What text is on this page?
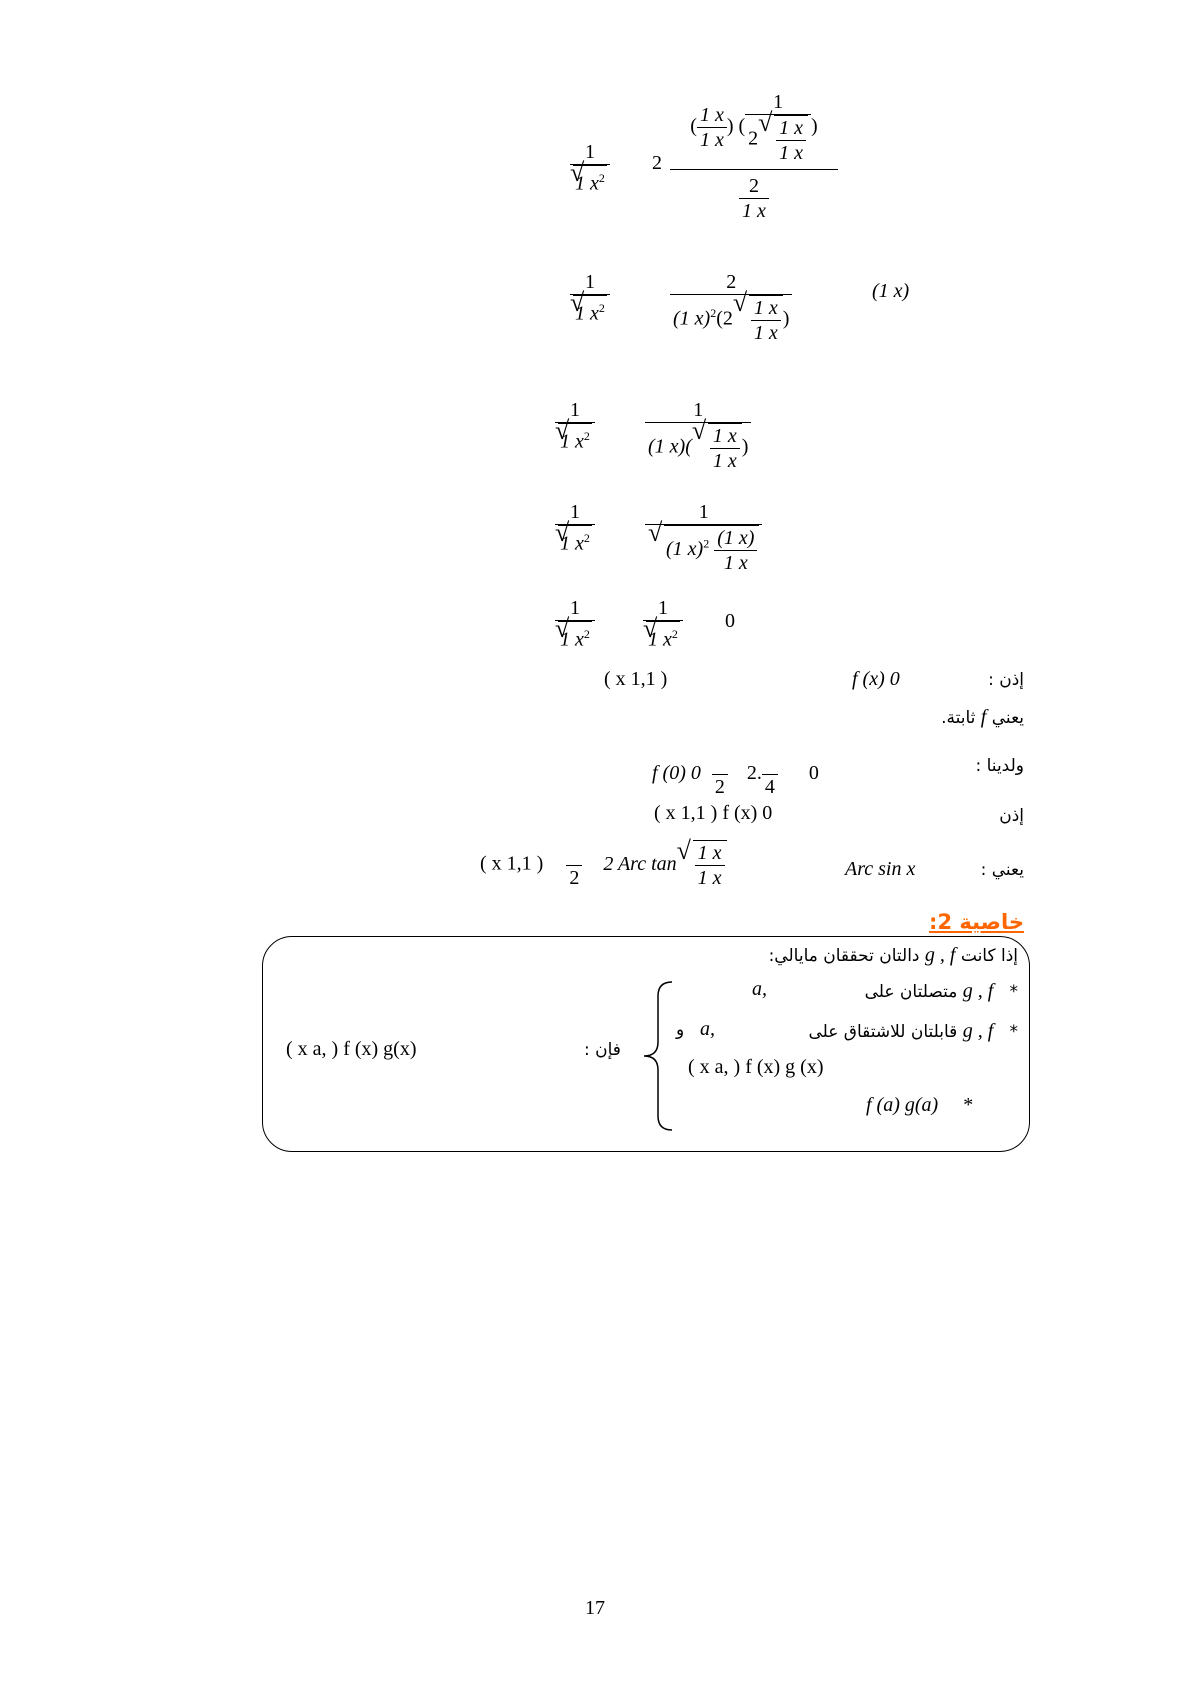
1
√ 1 $x^2$ 2
( $\frac{1 x}{1 x}$ ) ( 1
2
√ $\frac{1 x}{1 x}$ )
$\frac{2}{1 x}$
1
√ 1 $x^2$	2
(1 x)$^2$(2
√ $\frac{1 x}{1 x}$ )	(1 x)
1
√ 1 $x^2$	1
(1 x)(
√ $\frac{1 x}{1 x}$ )
1
√ 1 $x^2$	1
√ (1 $x)^2 \frac{(1 x)}{1 x}$
1
√ 1 $x^2$ 1
√ 1 $x^2$ 0
إذن :
f (x) 0
( x 1,1 )
يعني f ثابتة.
ولدينا :
f (0) 0

2
2.

4
0
إذن
( x 1,1 ) f (x) 0
يعني :
Arc sin x
( x 1,1 )

2
2 Arc tan
√ $\frac{1 x}{1 x}$
خاصية 2:
إذا كانت g , f دالتان تحققان مايالي:
*   g , f متصلتان على
a,
*   g , f قابلتان للاشتقاق على
a,
و
( x a, ) f (x) g (x)
f (a) g(a) *
فإن :
( x a, ) f (x) g(x)
17
